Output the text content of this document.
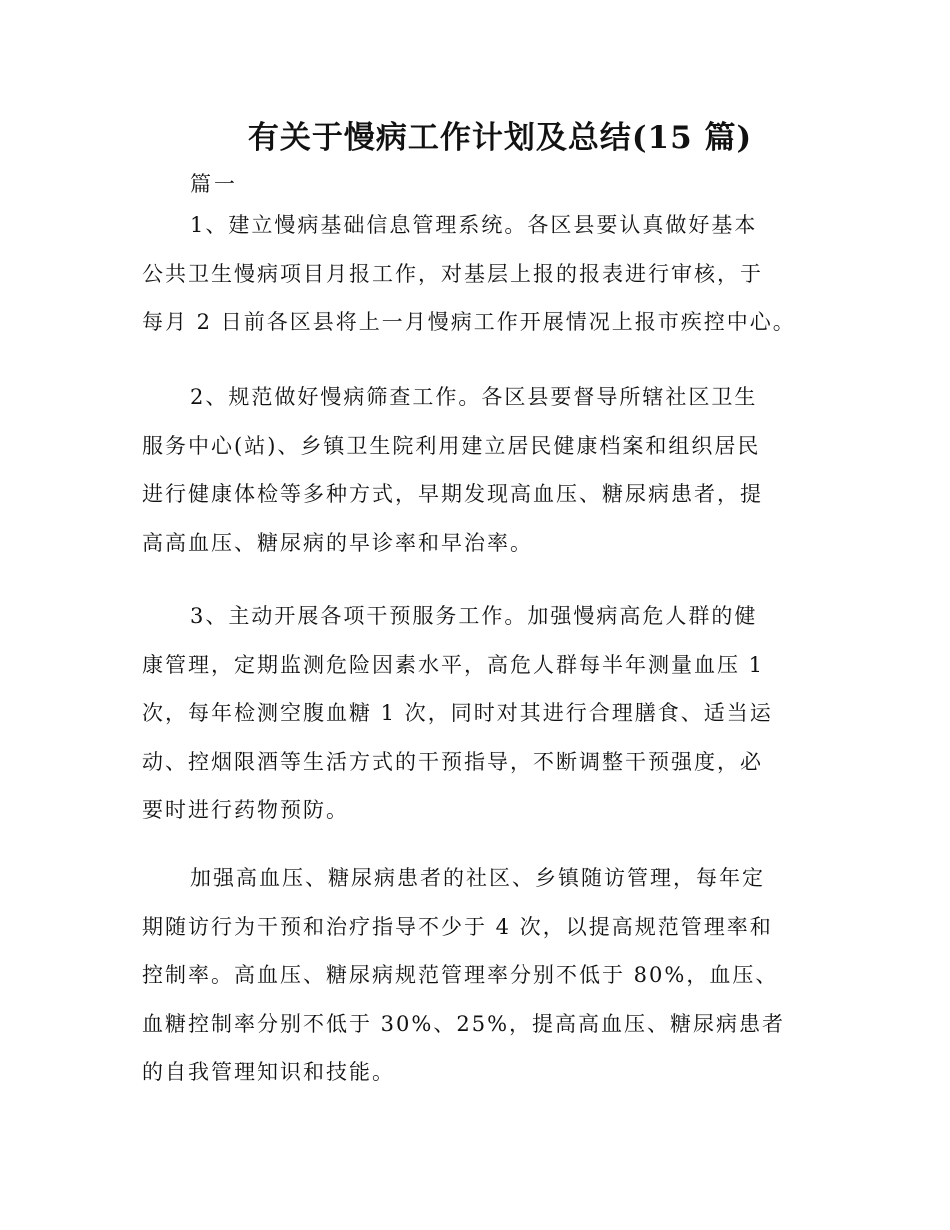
有关于慢病工作计划及总结(15 篇)
篇一

1、建立慢病基础信息管理系统。各区县要认真做好基本
公共卫生慢病项目月报工作，对基层上报的报表进行审核，于
每月 2 日前各区县将上一月慢病工作开展情况上报市疾控中心。

2、规范做好慢病筛查工作。各区县要督导所辖社区卫生
服务中心(站)、乡镇卫生院利用建立居民健康档案和组织居民
进行健康体检等多种方式，早期发现高血压、糖尿病患者，提
高高血压、糖尿病的早诊率和早治率。

3、主动开展各项干预服务工作。加强慢病高危人群的健
康管理，定期监测危险因素水平，高危人群每半年测量血压 1
次，每年检测空腹血糖 1 次，同时对其进行合理膳食、适当运
动、控烟限酒等生活方式的干预指导，不断调整干预强度，必
要时进行药物预防。

加强高血压、糖尿病患者的社区、乡镇随访管理，每年定
期随访行为干预和治疗指导不少于 4 次，以提高规范管理率和
控制率。高血压、糖尿病规范管理率分别不低于 80%，血压、
血糖控制率分别不低于 30%、25%，提高高血压、糖尿病患者
的自我管理知识和技能。
